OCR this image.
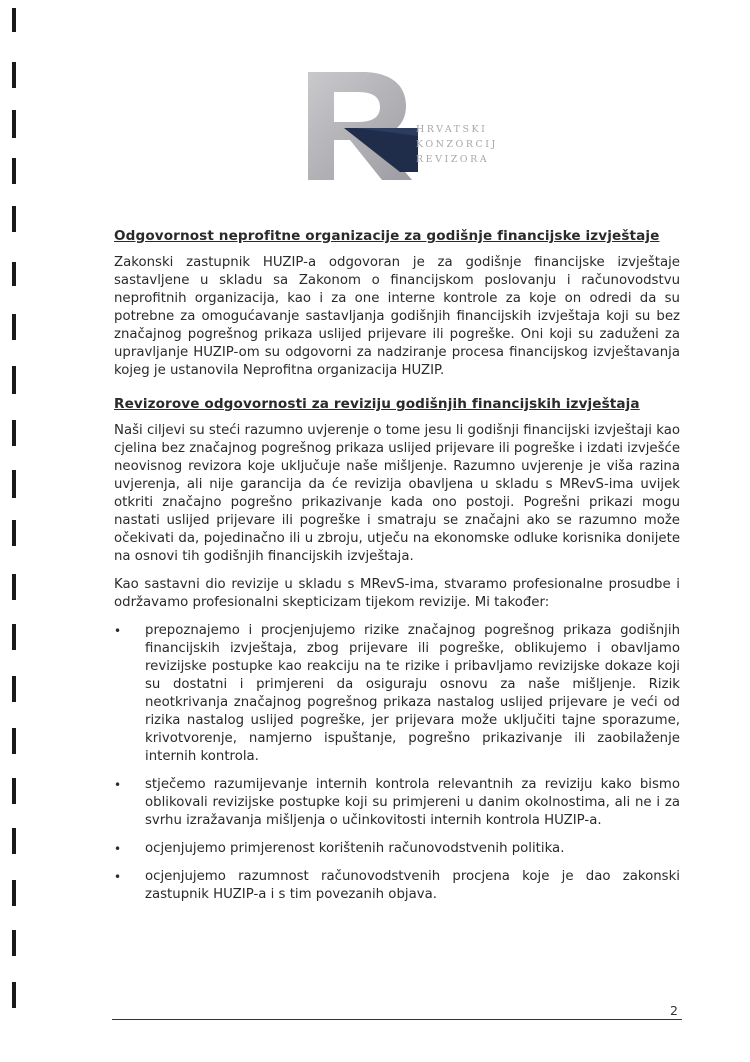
HRVATSKI
KONZORCIJ
REVIZORA
Odgovornost neprofitne organizacije za godišnje financijske izvještaje

Zakonski zastupnik HUZIP-a odgovoran je za godišnje financijske izvještaje sastavljene u skladu sa Zakonom o financijskom poslovanju i računovodstvu neprofitnih organizacija, kao i za one interne kontrole za koje on odredi da su potrebne za omogućavanje sastavljanja godišnjih financijskih izvještaja koji su bez značajnog pogrešnog prikaza uslijed prijevare ili pogreške. Oni koji su zaduženi za upravljanje HUZIP-om su odgovorni za nadziranje procesa financijskog izvještavanja kojeg je ustanovila Neprofitna organizacija HUZIP.

Revizorove odgovornosti za reviziju godišnjih financijskih izvještaja

Naši ciljevi su steći razumno uvjerenje o tome jesu li godišnji financijski izvještaji kao cjelina bez značajnog pogrešnog prikaza uslijed prijevare ili pogreške i izdati izvješće neovisnog revizora koje uključuje naše mišljenje. Razumno uvjerenje je viša razina uvjerenja, ali nije garancija da će revizija obavljena u skladu s MRevS-ima uvijek otkriti značajno pogrešno prikazivanje kada ono postoji. Pogrešni prikazi mogu nastati uslijed prijevare ili pogreške i smatraju se značajni ako se razumno može očekivati da, pojedinačno ili u zbroju, utječu na ekonomske odluke korisnika donijete na osnovi tih godišnjih financijskih izvještaja.

Kao sastavni dio revizije u skladu s MRevS-ima, stvaramo profesionalne prosudbe i održavamo profesionalni skepticizam tijekom revizije. Mi također:

• prepoznajemo i procjenjujemo rizike značajnog pogrešnog prikaza godišnjih financijskih izvještaja, zbog prijevare ili pogreške, oblikujemo i obavljamo revizijske postupke kao reakciju na te rizike i pribavljamo revizijske dokaze koji su dostatni i primjereni da osiguraju osnovu za naše mišljenje. Rizik neotkrivanja značajnog pogrešnog prikaza nastalog uslijed prijevare je veći od rizika nastalog uslijed pogreške, jer prijevara može uključiti tajne sporazume, krivotvorenje, namjerno ispuštanje, pogrešno prikazivanje ili zaobilaženje internih kontrola.
• stječemo razumijevanje internih kontrola relevantnih za reviziju kako bismo oblikovali revizijske postupke koji su primjereni u danim okolnostima, ali ne i za svrhu izražavanja mišljenja o učinkovitosti internih kontrola HUZIP-a.
• ocjenjujemo primjerenost korištenih računovodstvenih politika.
• ocjenjujemo razumnost računovodstvenih procjena koje je dao zakonski zastupnik HUZIP-a i s tim povezanih objava.
2
